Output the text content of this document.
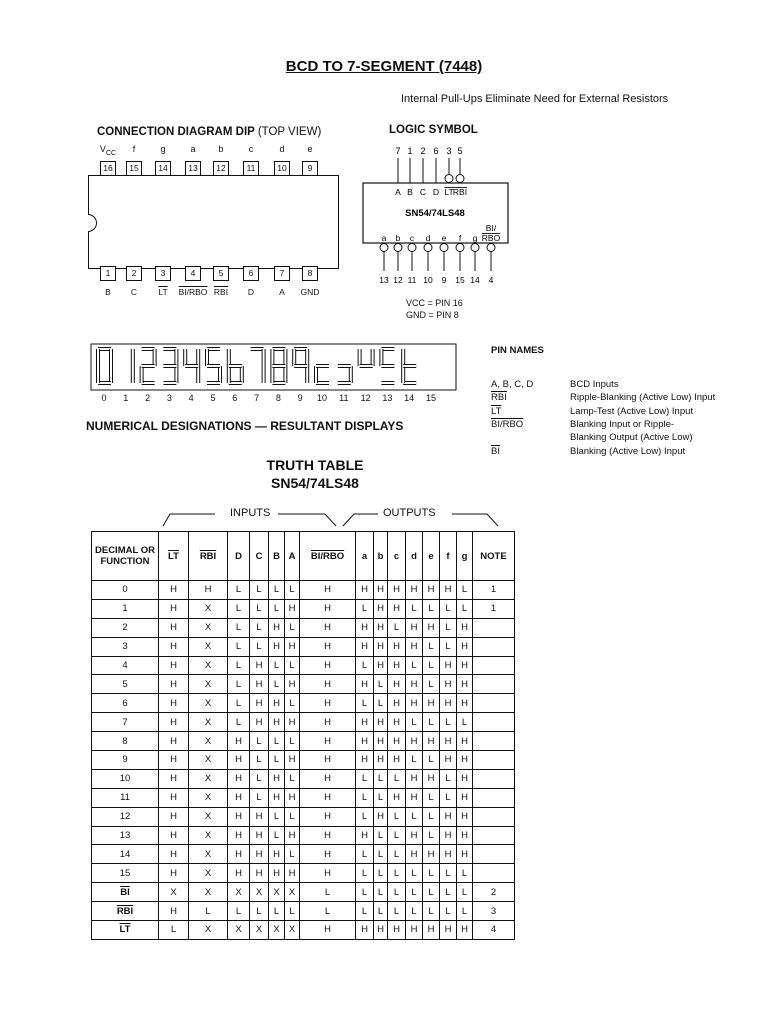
BCD TO 7-SEGMENT (7448)
Internal Pull-Ups Eliminate Need for External Resistors
CONNECTION DIAGRAM DIP (TOP VIEW)
$V_{CC}$
16
1
B
f
15
2
C
g
14
3
$\overline{LT}$
a
13
4
BI/RBO
b
12
5
$\overline{RBI}$
c
11
6
D
d
10
7
A
e
9
8
GND
LOGIC SYMBOL
7
A
1
B
2
C
6
D
3
LT
5
RBI
SN54/74LS48
BI/
RBO
a b c d e f g
13 12 11 10 9 15 14 4
VCC = PIN 16
GND = PIN 8
0	1	2	3	4	5	6	7	8	9	10	11	12	13	14	15
NUMERICAL DESIGNATIONS — RESULTANT DISPLAYS
PIN NAMES
A, B, C, D	BCD Inputs
$\overline{RBI}$	Ripple-Blanking (Active Low) Input
$\overline{LT}$	Lamp-Test (Active Low) Input
BI/RBO	Blanking Input or Ripple-
Blanking Output (Active Low)
$\overline{BI}$	Blanking (Active Low) Input
TRUTH TABLE
SN54/74LS48
INPUTS	OUTPUTS
DECIMAL OR FUNCTION	$\overline{LT}$	$\overline{RBI}$	D	C	B	A	BI/RBO	a	b	c	d	e	f	g	NOTE
0	H	H	L	L	L	L	H	H	H	H	H	H	H	L	1
1	H	X	L	L	L	H	H	L	H	H	L	L	L	L	1
2	H	X	L	L	H	L	H	H	H	L	H	H	L	H	
3	H	X	L	L	H	H	H	H	H	H	H	L	L	H	
4	H	X	L	H	L	L	H	L	H	H	L	L	H	H	
5	H	X	L	H	L	H	H	H	L	H	H	L	H	H	
6	H	X	L	H	H	L	H	L	L	H	H	H	H	H	
7	H	X	L	H	H	H	H	H	H	H	L	L	L	L	
8	H	X	H	L	L	L	H	H	H	H	H	H	H	H	
9	H	X	H	L	L	H	H	H	H	H	L	L	H	H	
10	H	X	H	L	H	L	H	L	L	L	H	H	L	H	
11	H	X	H	L	H	H	H	L	L	H	H	L	L	H	
12	H	X	H	H	L	L	H	L	H	L	L	L	H	H	
13	H	X	H	H	L	H	H	H	L	L	H	L	H	H	
14	H	X	H	H	H	L	H	L	L	L	H	H	H	H	
15	H	X	H	H	H	H	H	L	L	L	L	L	L	L	
$\overline{BI}$	X	X	X	X	X	X	L	L	L	L	L	L	L	L	2
$\overline{RBI}$	H	L	L	L	L	L	L	L	L	L	L	L	L	L	3
$\overline{LT}$	L	X	X	X	X	X	H	H	H	H	H	H	H	H	4
